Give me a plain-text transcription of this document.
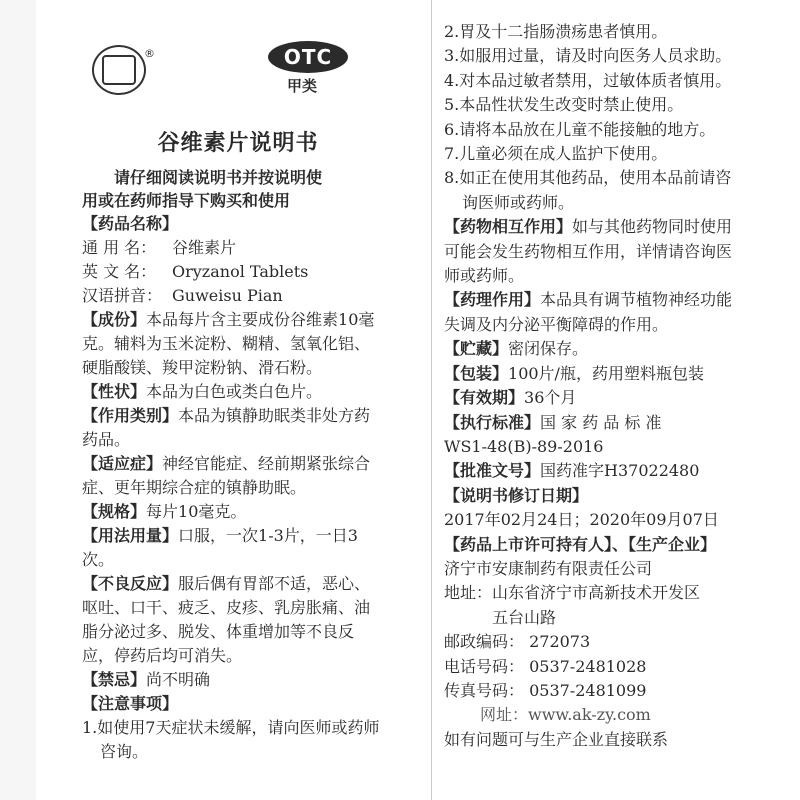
®	OTC
甲类
谷维素片说明书
请仔细阅读说明书并按说明使
用或在药师指导下购买和使用
【药品名称】
通 用 名： 谷维素片
英 文 名： Oryzanol Tablets
汉语拼音： Guweisu Pian
【成份】本品每片含主要成份谷维素10毫克。辅料为玉米淀粉、糊精、氢氧化铝、硬脂酸镁、羧甲淀粉钠、滑石粉。
【性状】本品为白色或类白色片。
【作用类别】本品为镇静助眠类非处方药药品。
【适应症】神经官能症、经前期紧张综合症、更年期综合症的镇静助眠。
【规格】每片10毫克。
【用法用量】口服，一次1-3片，一日3次。
【不良反应】服后偶有胃部不适，恶心、呕吐、口干、疲乏、皮疹、乳房胀痛、油脂分泌过多、脱发、体重增加等不良反应，停药后均可消失。
【禁忌】尚不明确
【注意事项】
1.如使用7天症状未缓解，请向医师或药师咨询。
2.胃及十二指肠溃疡患者慎用。
3.如服用过量，请及时向医务人员求助。
4.对本品过敏者禁用，过敏体质者慎用。
5.本品性状发生改变时禁止使用。
6.请将本品放在儿童不能接触的地方。
7.儿童必须在成人监护下使用。
8.如正在使用其他药品，使用本品前请咨询医师或药师。
【药物相互作用】如与其他药物同时使用可能会发生药物相互作用，详情请咨询医师或药师。
【药理作用】本品具有调节植物神经功能失调及内分泌平衡障碍的作用。
【贮藏】密闭保存。
【包装】100片/瓶，药用塑料瓶包装
【有效期】36个月
【执行标准】国 家 药 品 标 准
WS1-48(B)-89-2016
【批准文号】国药准字H37022480
【说明书修订日期】
2017年02月24日；2020年09月07日
【药品上市许可持有人】、【生产企业】
济宁市安康制药有限责任公司
地址：山东省济宁市高新技术开发区
五台山路
邮政编码： 272073
电话号码： 0537-2481028
传真号码： 0537-2481099
网址：www.ak-zy.com
如有问题可与生产企业直接联系
